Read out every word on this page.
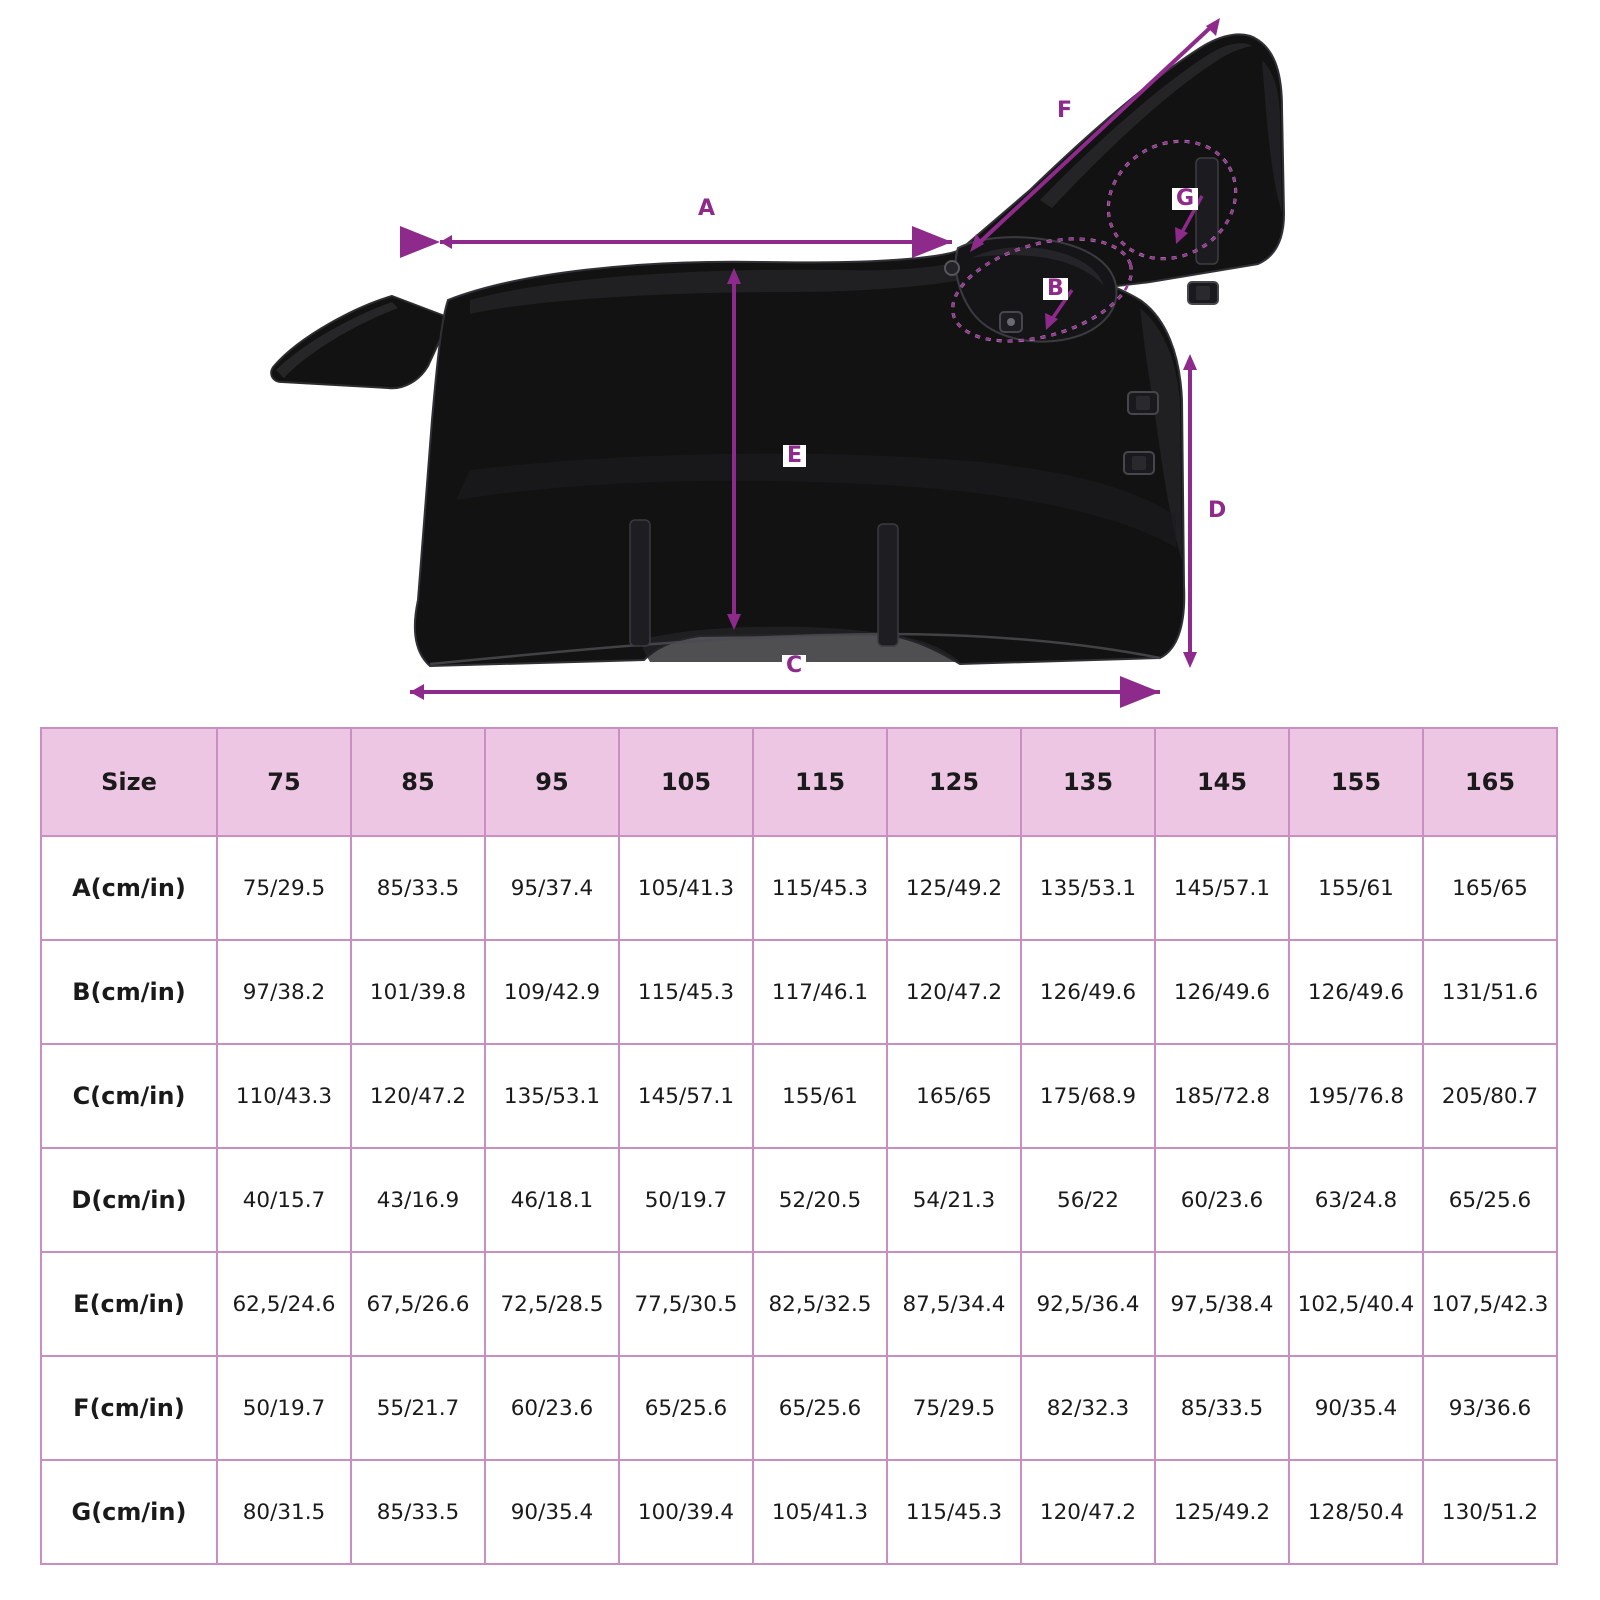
A
E
C
D
F
B
G
Size	75	85	95	105	115	125	135	145	155	165
A(cm/in)	75/29.5	85/33.5	95/37.4	105/41.3	115/45.3	125/49.2	135/53.1	145/57.1	155/61	165/65
B(cm/in)	97/38.2	101/39.8	109/42.9	115/45.3	117/46.1	120/47.2	126/49.6	126/49.6	126/49.6	131/51.6
C(cm/in)	110/43.3	120/47.2	135/53.1	145/57.1	155/61	165/65	175/68.9	185/72.8	195/76.8	205/80.7
D(cm/in)	40/15.7	43/16.9	46/18.1	50/19.7	52/20.5	54/21.3	56/22	60/23.6	63/24.8	65/25.6
E(cm/in)	62,5/24.6	67,5/26.6	72,5/28.5	77,5/30.5	82,5/32.5	87,5/34.4	92,5/36.4	97,5/38.4	102,5/40.4	107,5/42.3
F(cm/in)	50/19.7	55/21.7	60/23.6	65/25.6	65/25.6	75/29.5	82/32.3	85/33.5	90/35.4	93/36.6
G(cm/in)	80/31.5	85/33.5	90/35.4	100/39.4	105/41.3	115/45.3	120/47.2	125/49.2	128/50.4	130/51.2
